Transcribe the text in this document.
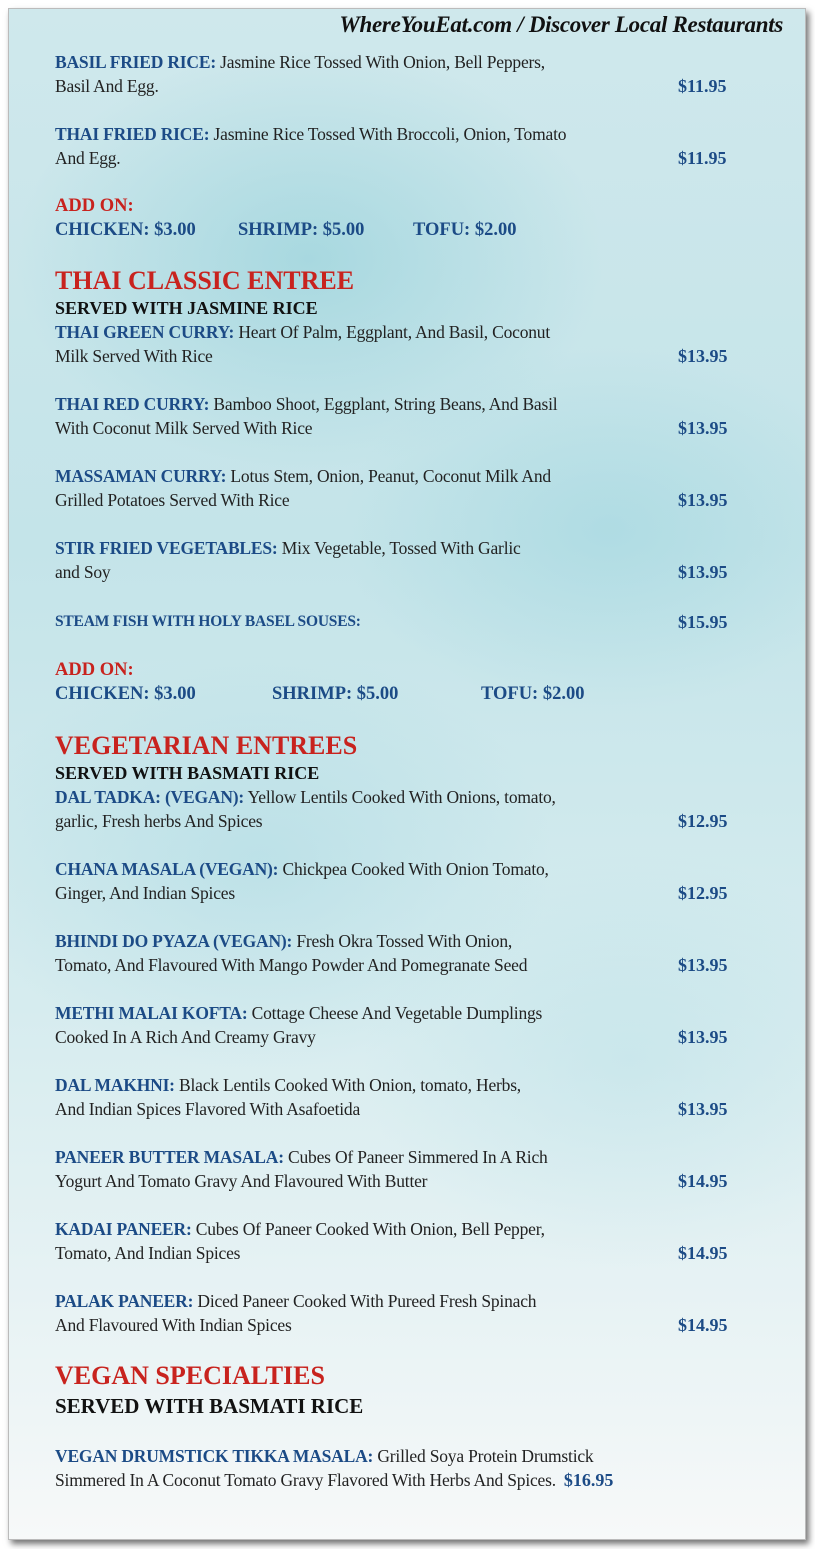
WhereYouEat.com / Discover Local Restaurants
BASIL FRIED RICE: Jasmine Rice Tossed With Onion, Bell Peppers,
Basil And Egg.	$11.95
THAI FRIED RICE: Jasmine Rice Tossed With Broccoli, Onion, Tomato
And Egg.	$11.95
ADD ON:
CHICKEN: $3.00 SHRIMP: $5.00	TOFU: $2.00
THAI CLASSIC ENTREE
SERVED WITH JASMINE RICE
THAI GREEN CURRY: Heart Of Palm, Eggplant, And Basil, Coconut
Milk Served With Rice	$13.95
THAI RED CURRY: Bamboo Shoot, Eggplant, String Beans, And Basil
With Coconut Milk Served With Rice	$13.95
MASSAMAN CURRY: Lotus Stem, Onion, Peanut, Coconut Milk And
Grilled Potatoes Served With Rice	$13.95
STIR FRIED VEGETABLES: Mix Vegetable, Tossed With Garlic
and Soy	$13.95
STEAM FISH WITH HOLY BASEL SOUSES:	$15.95
ADD ON:
CHICKEN: $3.00	SHRIMP: $5.00	TOFU: $2.00
VEGETARIAN ENTREES
SERVED WITH BASMATI RICE
DAL TADKA: (VEGAN): Yellow Lentils Cooked With Onions, tomato,
garlic, Fresh herbs And Spices	$12.95
CHANA MASALA (VEGAN): Chickpea Cooked With Onion Tomato,
Ginger, And Indian Spices	$12.95
BHINDI DO PYAZA (VEGAN): Fresh Okra Tossed With Onion,
Tomato, And Flavoured With Mango Powder And Pomegranate Seed	$13.95
METHI MALAI KOFTA: Cottage Cheese And Vegetable Dumplings
Cooked In A Rich And Creamy Gravy	$13.95
DAL MAKHNI: Black Lentils Cooked With Onion, tomato, Herbs,
And Indian Spices Flavored With Asafoetida	$13.95
PANEER BUTTER MASALA: Cubes Of Paneer Simmered In A Rich
Yogurt And Tomato Gravy And Flavoured With Butter	$14.95
KADAI PANEER: Cubes Of Paneer Cooked With Onion, Bell Pepper,
Tomato, And Indian Spices	$14.95
PALAK PANEER: Diced Paneer Cooked With Pureed Fresh Spinach
And Flavoured With Indian Spices	$14.95
VEGAN SPECIALTIES
SERVED WITH BASMATI RICE
VEGAN DRUMSTICK TIKKA MASALA: Grilled Soya Protein Drumstick
Simmered In A Coconut Tomato Gravy Flavored With Herbs And Spices. $16.95
